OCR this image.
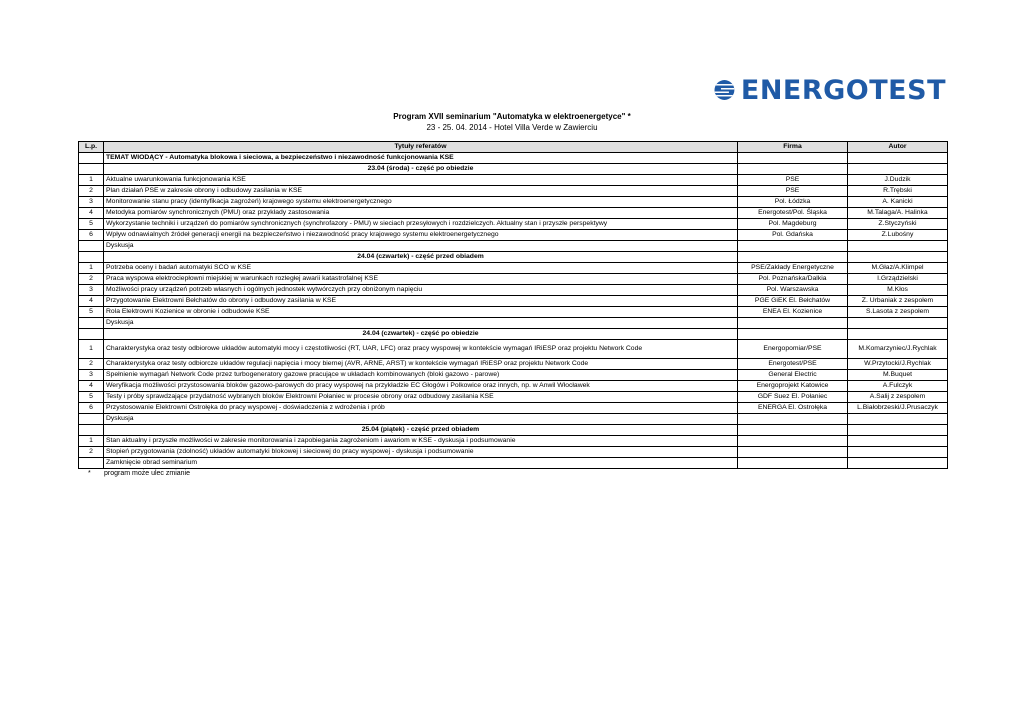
ENERGOTEST
Program XVII seminarium "Automatyka w elektroenergetyce" *
23 - 25. 04. 2014 - Hotel Villa Verde w Zawierciu
L.p.	Tytuły referatów	Firma	Autor
	TEMAT WIODĄCY - Automatyka blokowa i sieciowa, a bezpieczeństwo i niezawodność funkcjonowania KSE		
	23.04 (środa) - część po obiedzie		
1	Aktualne uwarunkowania funkcjonowania KSE	PSE	J.Dudzik
2	Plan działań PSE w zakresie obrony i odbudowy zasilania w KSE	PSE	R.Trębski
3	Monitorowanie stanu pracy (identyfikacja zagrożeń) krajowego systemu elektroenergetycznego	Pol. Łódzka	A. Kanicki
4	Metodyka pomiarów synchronicznych (PMU) oraz przykłady zastosowania	Energotest/Pol. Śląska	M.Talaga/A. Halinka
5	Wykorzystanie techniki i urządzeń do pomiarów synchronicznych (synchrofazory - PMU) w sieciach przesyłowych i rozdzielczych. Aktualny stan i przyszłe perspektywy	Pol. Magdeburg	Z.Styczyński
6	Wpływ odnawialnych źródeł generacji energii na bezpieczeństwo i niezawodność pracy krajowego systemu elektroenergetycznego	Pol. Gdańska	Z.Lubośny
	Dyskusja		
	24.04 (czwartek) - część przed obiadem		
1	Potrzeba oceny i badań automatyki SCO w KSE	PSE/Zakłady Energetyczne	M.Głaz/A.Klimpel
2	Praca wyspowa elektrociepłowni miejskiej w warunkach rozległej awarii katastrofalnej KSE	Pol. Poznańska/Dalkia	I.Grządzielski
3	Możliwości pracy urządzeń potrzeb własnych i ogólnych jednostek wytwórczych przy obniżonym napięciu	Pol. Warszawska	M.Kłos
4	Przygotowanie Elektrowni Bełchatów do obrony i odbudowy zasilania w KSE	PGE GiEK El. Bełchatów	Z. Urbaniak z zespołem
5	Rola Elektrowni Kozienice w obronie i odbudowie KSE	ENEA El. Kozienice	S.Lasota z zespołem
	Dyskusja		
	24.04 (czwartek) - część po obiedzie		
1	Charakterystyka oraz testy odbiorowe układów automatyki mocy i częstotliwości (RT, UAR, LFC) oraz pracy wyspowej w kontekście wymagań IRiESP oraz projektu Network Code	Energopomiar/PSE	M.Komarzyniec/J.Rychlak
2	Charakterystyka oraz testy odbiorcze układów regulacji napięcia i mocy biernej (AVR, ARNE, ARST) w kontekście wymagań IRiESP oraz projektu Network Code	Energotest/PSE	W.Przytocki/J.Rychlak
3	Spełnienie wymagań Network Code przez turbogeneratory gazowe pracujące w układach kombinowanych (bloki gazowo - parowe)	General Electric	M.Buquet
4	Weryfikacja możliwości przystosowania bloków gazowo-parowych do pracy wyspowej na przykładzie EC Głogów i Polkowice oraz innych, np. w Anwil Włocławek	Energoprojekt Katowice	A.Fulczyk
5	Testy i próby sprawdzające przydatność wybranych bloków Elektrowni Połaniec w procesie obrony oraz odbudowy zasilania KSE	GDF Suez El. Połaniec	A.Salij z zespołem
6	Przystosowanie Elektrowni Ostrołęka do pracy wyspowej - doświadczenia z wdrożenia i prób	ENERGA El. Ostrołęka	L.Białobrzeski/J.Prusaczyk
	Dyskusja		
	25.04 (piątek) - część przed obiadem		
1	Stan aktualny i przyszłe możliwości w zakresie monitorowania i zapobiegania zagrożeniom i awariom w KSE - dyskusja i podsumowanie		
2	Stopień przygotowania (zdolność) układów automatyki blokowej i sieciowej do pracy wyspowej - dyskusja i podsumowanie		
	Zamknięcie obrad seminarium		
* program może ulec zmianie
